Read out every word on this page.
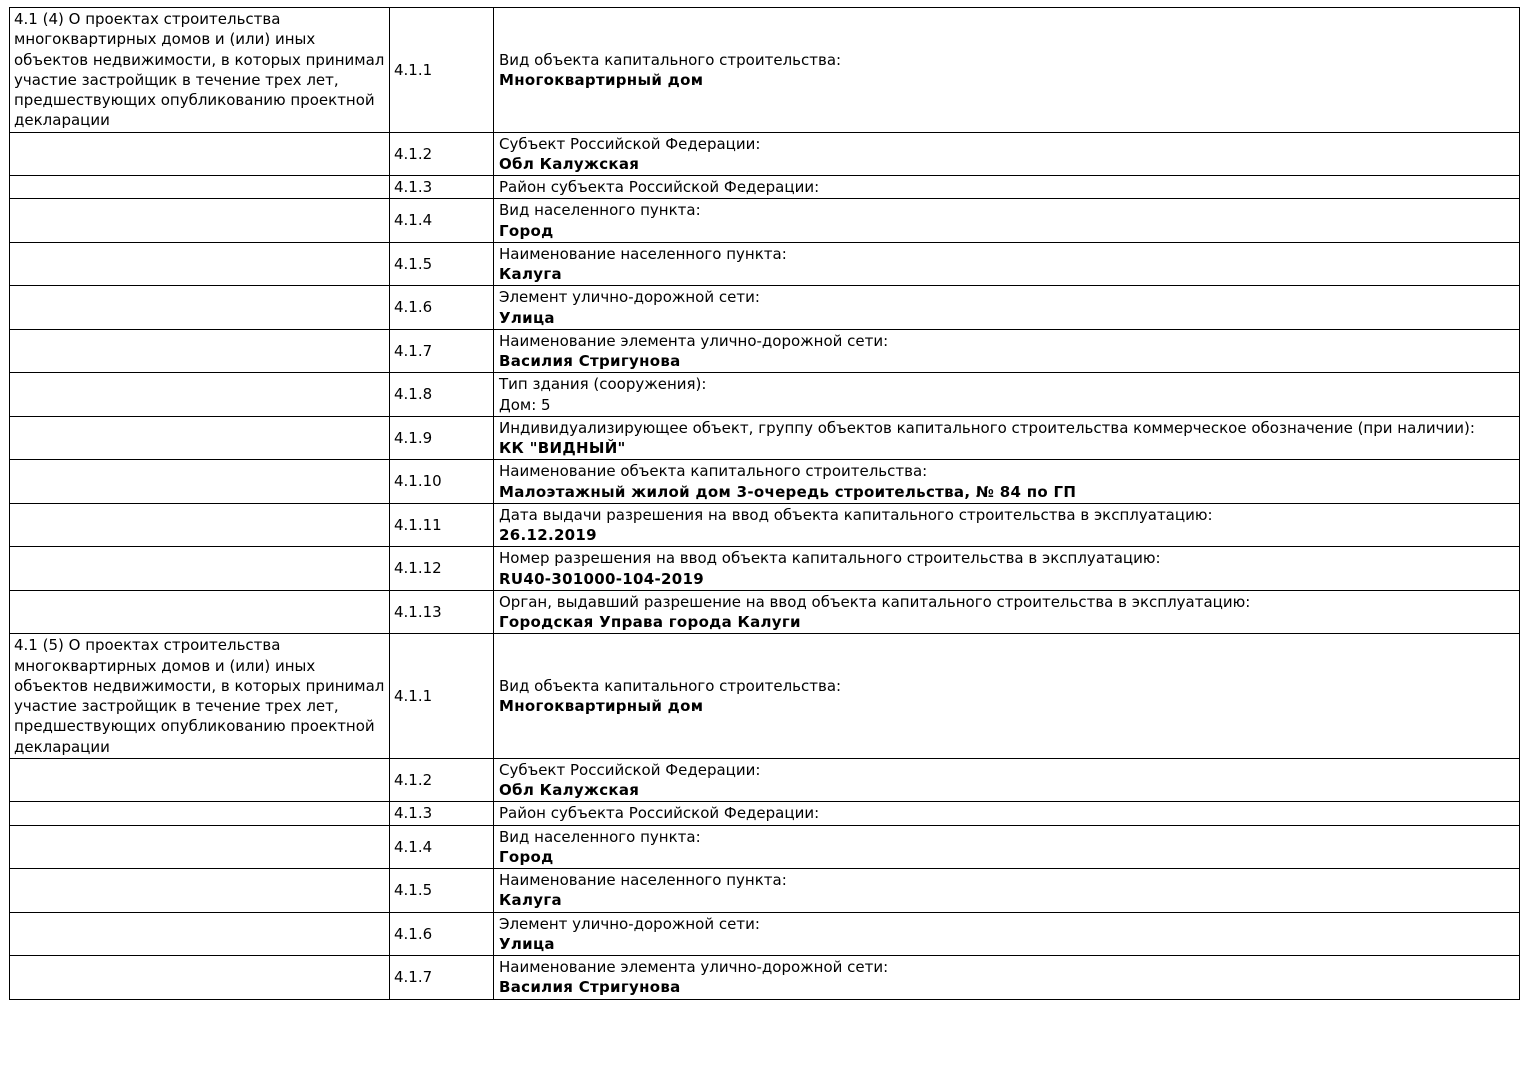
4.1 (4) О проектах строительства многоквартирных домов и (или) иных объектов недвижимости, в которых принимал участие застройщик в течение трех лет, предшествующих опубликованию проектной декларации	4.1.1	Вид объекта капитального строительства:
Многоквартирный дом

	4.1.2	Субъект Российской Федерации:
Обл Калужская

	4.1.3	Район субъекта Российской Федерации:

	4.1.4	Вид населенного пункта:
Город

	4.1.5	Наименование населенного пункта:
Калуга

	4.1.6	Элемент улично-дорожной сети:
Улица

	4.1.7	Наименование элемента улично-дорожной сети:
Василия Стригунова

	4.1.8	Тип здания (сооружения):
Дом: 5

	4.1.9	Индивидуализирующее объект, группу объектов капитального строительства коммерческое обозначение (при наличии):
КК "ВИДНЫЙ"

	4.1.10	Наименование объекта капитального строительства:
Малоэтажный жилой дом 3-очередь строительства, № 84 по ГП

	4.1.11	Дата выдачи разрешения на ввод объекта капитального строительства в эксплуатацию:
26.12.2019

	4.1.12	Номер разрешения на ввод объекта капитального строительства в эксплуатацию:
RU40-301000-104-2019

	4.1.13	Орган, выдавший разрешение на ввод объекта капитального строительства в эксплуатацию:
Городская Управа города Калуги

4.1 (5) О проектах строительства многоквартирных домов и (или) иных объектов недвижимости, в которых принимал участие застройщик в течение трех лет, предшествующих опубликованию проектной декларации	4.1.1	Вид объекта капитального строительства:
Многоквартирный дом

	4.1.2	Субъект Российской Федерации:
Обл Калужская

	4.1.3	Район субъекта Российской Федерации:

	4.1.4	Вид населенного пункта:
Город

	4.1.5	Наименование населенного пункта:
Калуга

	4.1.6	Элемент улично-дорожной сети:
Улица

	4.1.7	Наименование элемента улично-дорожной сети:
Василия Стригунова
